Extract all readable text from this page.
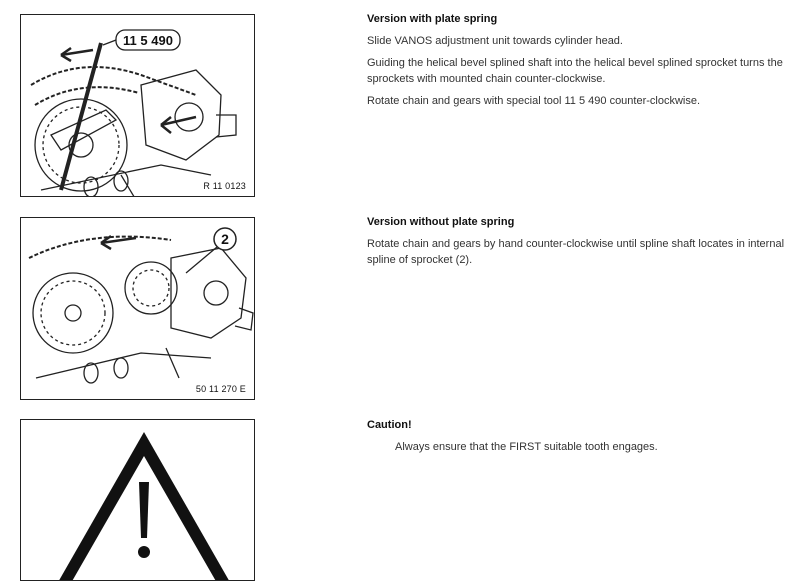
11 5 490
R 11 0123
2
50 11 270 E
Version with plate spring

Slide VANOS adjustment unit towards cylinder head.

Guiding the helical bevel splined shaft into the helical bevel splined sprocket turns the sprockets with mounted chain counter-clockwise.

Rotate chain and gears with special tool 11 5 490 counter-clockwise.

Version without plate spring

Rotate chain and gears by hand counter-clockwise until spline shaft locates in internal spline of sprocket (2).

Caution!

Always ensure that the FIRST suitable tooth engages.
